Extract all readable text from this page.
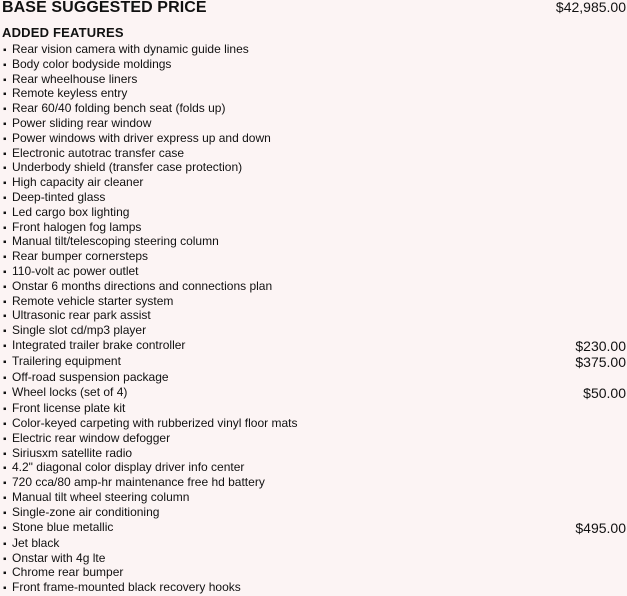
BASE SUGGESTED PRICE	$42,985.00
ADDED FEATURES
▪ Rear vision camera with dynamic guide lines
▪ Body color bodyside moldings
▪ Rear wheelhouse liners
▪ Remote keyless entry
▪ Rear 60/40 folding bench seat (folds up)
▪ Power sliding rear window
▪ Power windows with driver express up and down
▪ Electronic autotrac transfer case
▪ Underbody shield (transfer case protection)
▪ High capacity air cleaner
▪ Deep-tinted glass
▪ Led cargo box lighting
▪ Front halogen fog lamps
▪ Manual tilt/telescoping steering column
▪ Rear bumper cornersteps
▪ 110-volt ac power outlet
▪ Onstar 6 months directions and connections plan
▪ Remote vehicle starter system
▪ Ultrasonic rear park assist
▪ Single slot cd/mp3 player
▪ Integrated trailer brake controller	$230.00
▪ Trailering equipment	$375.00
▪ Off-road suspension package
▪ Wheel locks (set of 4)	$50.00
▪ Front license plate kit
▪ Color-keyed carpeting with rubberized vinyl floor mats
▪ Electric rear window defogger
▪ Siriusxm satellite radio
▪ 4.2" diagonal color display driver info center
▪ 720 cca/80 amp-hr maintenance free hd battery
▪ Manual tilt wheel steering column
▪ Single-zone air conditioning
▪ Stone blue metallic	$495.00
▪ Jet black
▪ Onstar with 4g lte
▪ Chrome rear bumper
▪ Front frame-mounted black recovery hooks
